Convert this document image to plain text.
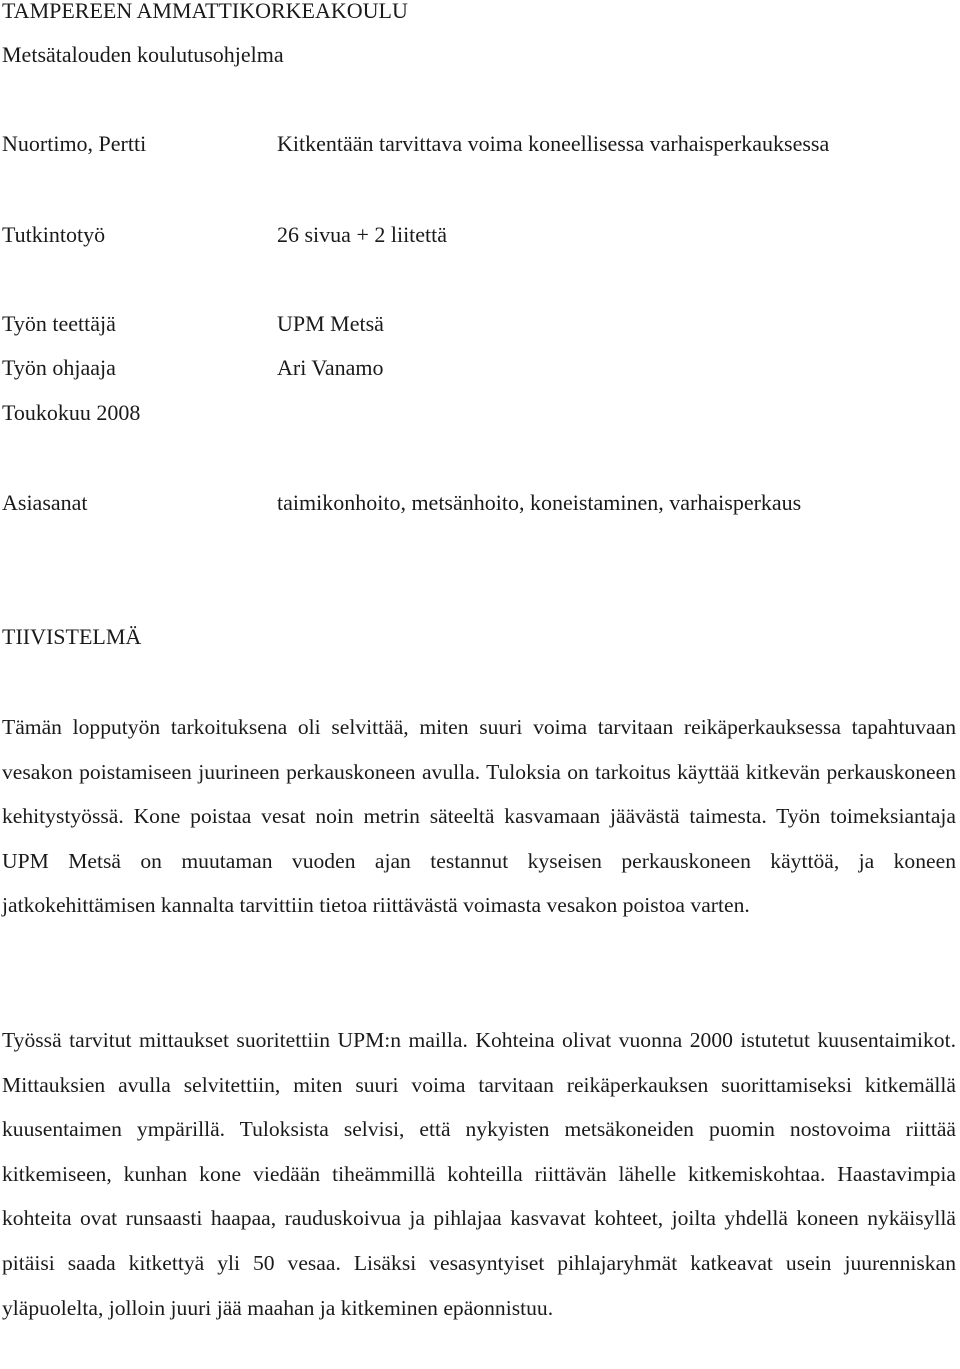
TAMPEREEN AMMATTIKORKEAKOULU
Metsätalouden koulutusohjelma
Nuortimo, Pertti	Kitkentään tarvittava voima koneellisessa varhaisperkauksessa
Tutkintotyö	26 sivua + 2 liitettä
Työn teettäjä	UPM Metsä
Työn ohjaaja	Ari Vanamo
Toukokuu 2008
Asiasanat	taimikonhoito, metsänhoito, koneistaminen, varhaisperkaus
TIIVISTELMÄ
Tämän lopputyön tarkoituksena oli selvittää, miten suuri voima tarvitaan reikäperkauksessa tapahtuvaan vesakon poistamiseen juurineen perkauskoneen avulla. Tuloksia on tarkoitus käyttää kitkevän perkauskoneen kehitystyössä. Kone poistaa vesat noin metrin säteeltä kasvamaan jäävästä taimesta. Työn toimeksiantaja UPM Metsä on muutaman vuoden ajan testannut kyseisen perkauskoneen käyttöä, ja koneen jatkokehittämisen kannalta tarvittiin tietoa riittävästä voimasta vesakon poistoa varten.
Työssä tarvitut mittaukset suoritettiin UPM:n mailla. Kohteina olivat vuonna 2000 istutetut kuusentaimikot. Mittauksien avulla selvitettiin, miten suuri voima tarvitaan reikäperkauksen suorittamiseksi kitkemällä kuusentaimen ympärillä. Tuloksista selvisi, että nykyisten metsäkoneiden puomin nostovoima riittää kitkemiseen, kunhan kone viedään tiheämmillä kohteilla riittävän lähelle kitkemiskohtaa. Haastavimpia kohteita ovat runsaasti haapaa, rauduskoivua ja pihlajaa kasvavat kohteet, joilta yhdellä koneen nykäisyllä pitäisi saada kitkettyä yli 50 vesaa. Lisäksi vesasyntyiset pihlajaryhmät katkeavat usein juurenniskan yläpuolelta, jolloin juuri jää maahan ja kitkeminen epäonnistuu.
